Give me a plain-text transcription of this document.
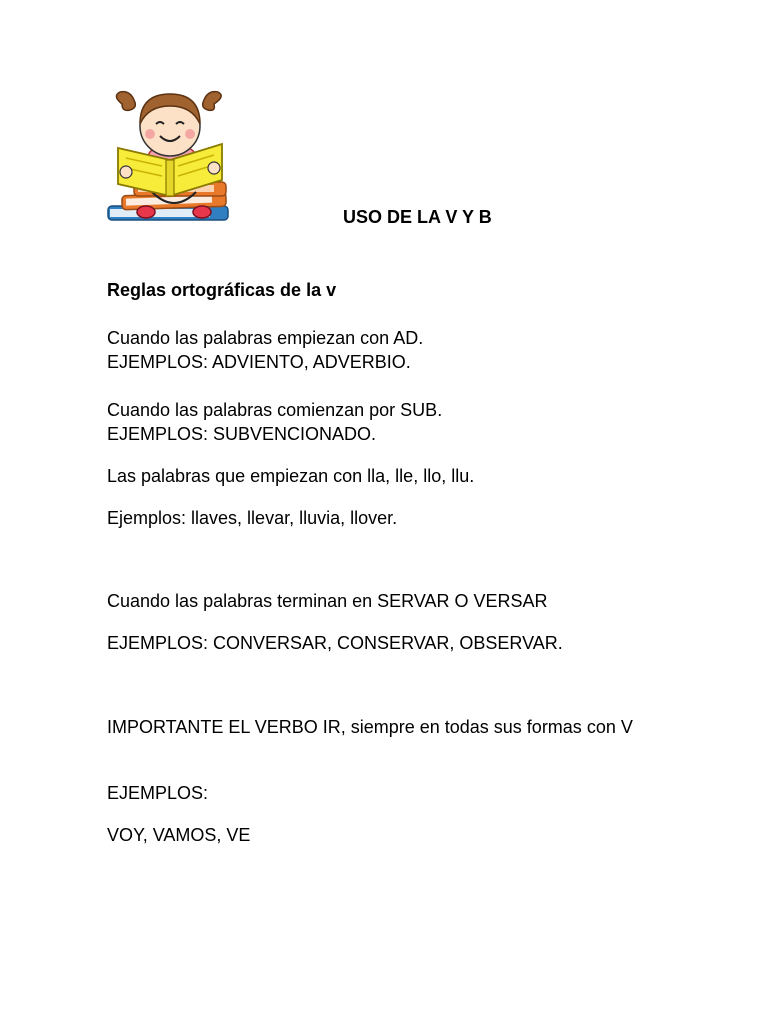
USO DE LA V Y B
Reglas ortográficas de la v
Cuando las palabras empiezan con AD.
EJEMPLOS: ADVIENTO, ADVERBIO.
Cuando las palabras comienzan por SUB.
EJEMPLOS: SUBVENCIONADO.
Las palabras que empiezan con lla, lle, llo, llu.
Ejemplos: llaves, llevar, lluvia, llover.
Cuando las palabras terminan en SERVAR O VERSAR
EJEMPLOS: CONVERSAR, CONSERVAR, OBSERVAR.
IMPORTANTE EL VERBO IR, siempre en todas sus formas con V
EJEMPLOS:
VOY, VAMOS, VE
